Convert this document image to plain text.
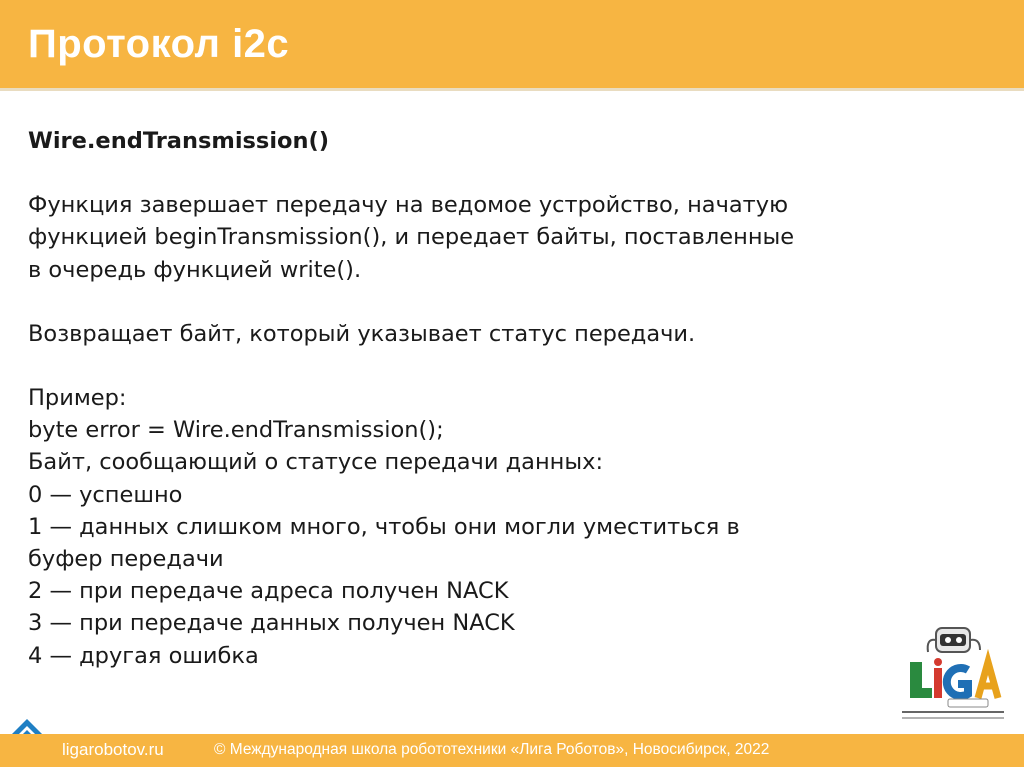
Протокол i2c

Wire.endTransmission()

Функция завершает передачу на ведомое устройство, начатую

функцией beginTransmission(), и передает байты, поставленные

в очередь функцией write().

Возвращает байт, который указывает статус передачи.

Пример:

byte error = Wire.endTransmission();

Байт, сообщающий о статусе передачи данных:

0 — успешно

1 — данных слишком много, чтобы они могли уместиться в

буфер передачи

2 — при передаче адреса получен NACK

3 — при передаче данных получен NACK

4 — другая ошибка

ligarobotov.ru	© Международная школа робототехники «Лига Роботов», Новосибирск, 2022
